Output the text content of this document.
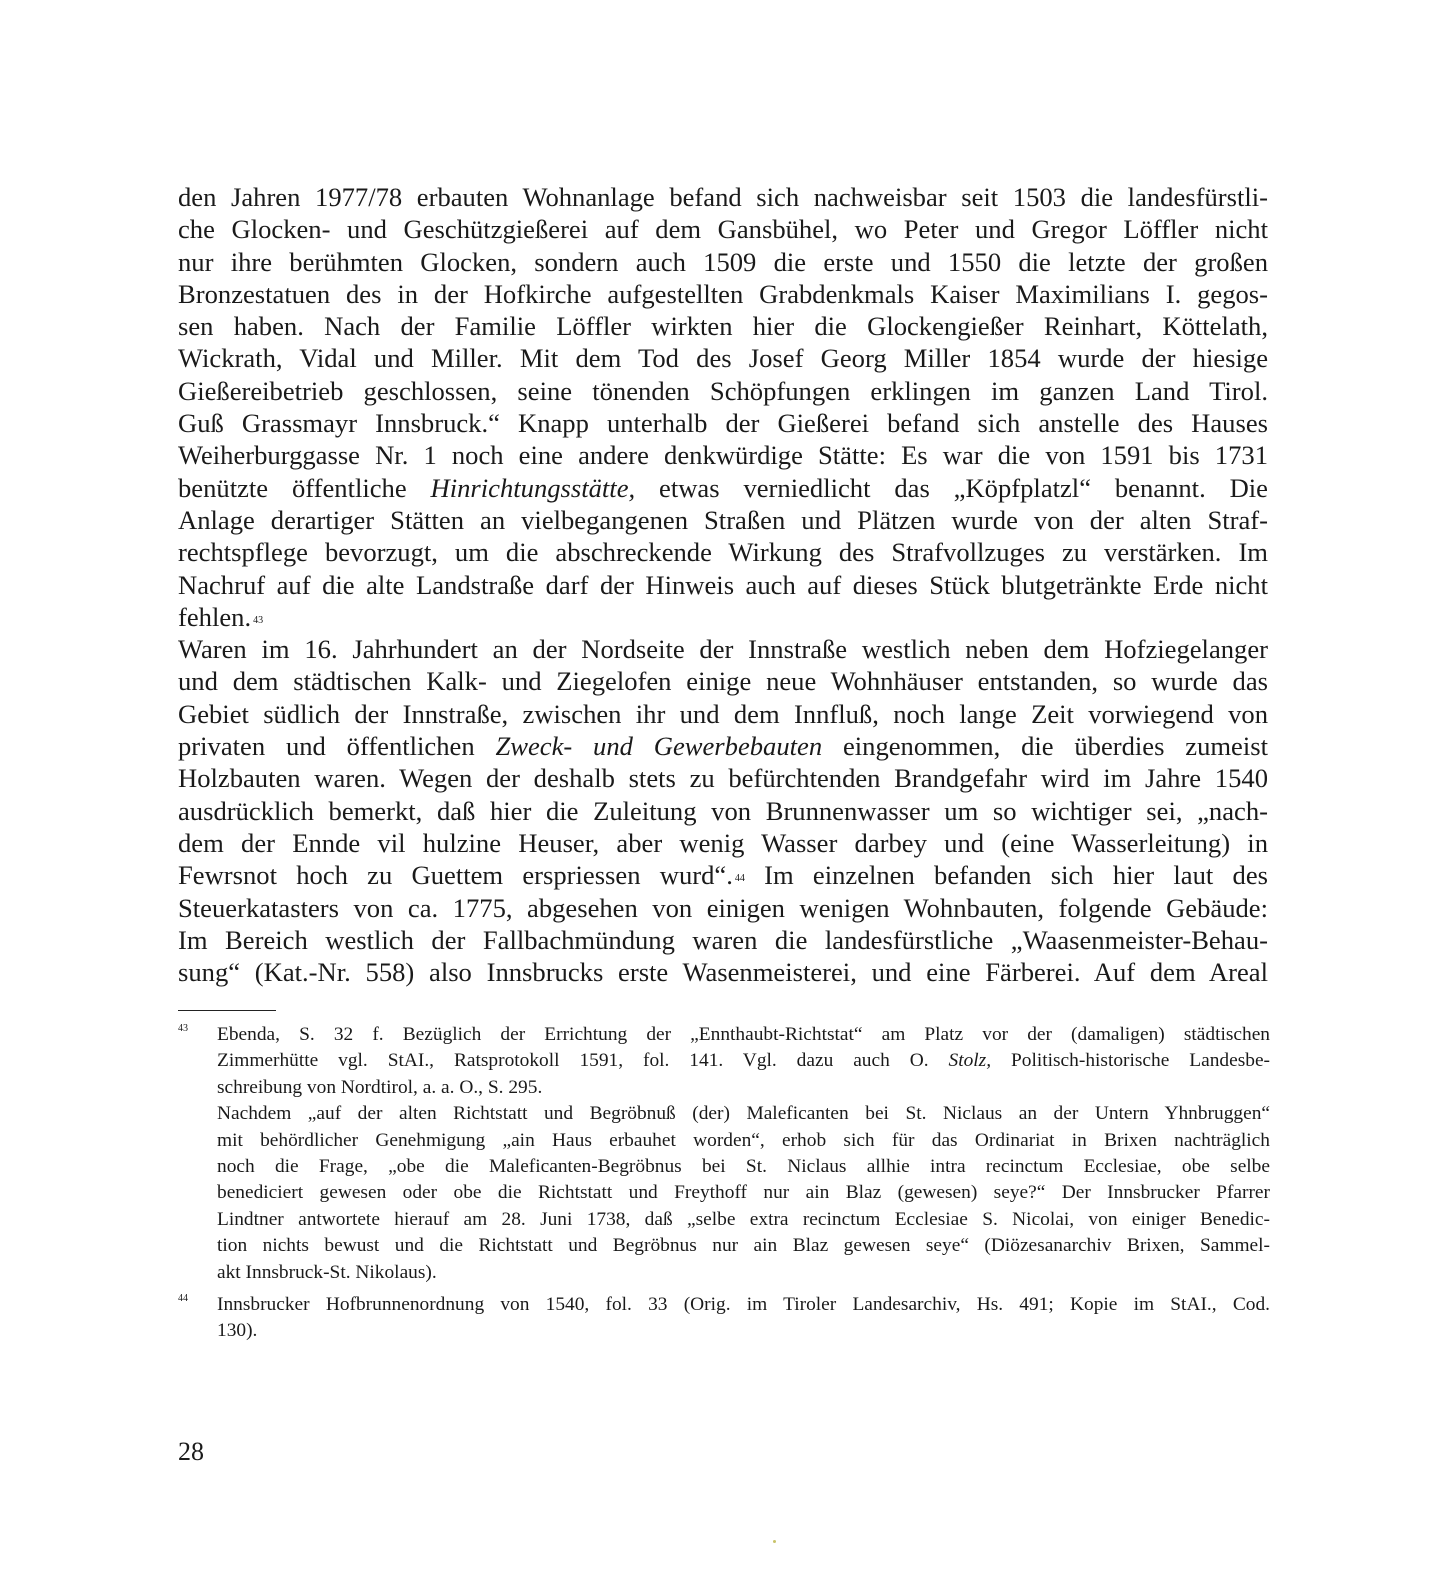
den Jahren 1977/78 erbauten Wohnanlage befand sich nachweisbar seit 1503 die landesfürstli-
che Glocken- und Geschützgießerei auf dem Gansbühel, wo Peter und Gregor Löffler nicht
nur ihre berühmten Glocken, sondern auch 1509 die erste und 1550 die letzte der großen
Bronzestatuen des in der Hofkirche aufgestellten Grabdenkmals Kaiser Maximilians I. gegos-
sen haben. Nach der Familie Löffler wirkten hier die Glockengießer Reinhart, Köttelath,
Wickrath, Vidal und Miller. Mit dem Tod des Josef Georg Miller 1854 wurde der hiesige
Gießereibetrieb geschlossen, seine tönenden Schöpfungen erklingen im ganzen Land Tirol.
Guß Grassmayr Innsbruck.“ Knapp unterhalb der Gießerei befand sich anstelle des Hauses
Weiherburggasse Nr. 1 noch eine andere denkwürdige Stätte: Es war die von 1591 bis 1731
benützte öffentliche Hinrichtungsstätte, etwas verniedlicht das „Köpfplatzl“ benannt. Die
Anlage derartiger Stätten an vielbegangenen Straßen und Plätzen wurde von der alten Straf-
rechtspflege bevorzugt, um die abschreckende Wirkung des Strafvollzuges zu verstärken. Im
Nachruf auf die alte Landstraße darf der Hinweis auch auf dieses Stück blutgetränkte Erde nicht
fehlen. $^{43}$
Waren im 16. Jahrhundert an der Nordseite der Innstraße westlich neben dem Hofziegelanger
und dem städtischen Kalk- und Ziegelofen einige neue Wohnhäuser entstanden, so wurde das
Gebiet südlich der Innstraße, zwischen ihr und dem Innfluß, noch lange Zeit vorwiegend von
privaten und öffentlichen Zweck- und Gewerbebauten eingenommen, die überdies zumeist
Holzbauten waren. Wegen der deshalb stets zu befürchtenden Brandgefahr wird im Jahre 1540
ausdrücklich bemerkt, daß hier die Zuleitung von Brunnenwasser um so wichtiger sei, „nach-
dem der Ennde vil hulzine Heuser, aber wenig Wasser darbey und (eine Wasserleitung) in
Fewrsnot hoch zu Guettem erspriessen wurd“. $^{44}$ Im einzelnen befanden sich hier laut des
Steuerkatasters von ca. 1775, abgesehen von einigen wenigen Wohnbauten, folgende Gebäude:
Im Bereich westlich der Fallbachmündung waren die landesfürstliche „Waasenmeister-Behau-
sung“ (Kat.-Nr. 558) also Innsbrucks erste Wasenmeisterei, und eine Färberei. Auf dem Areal
43 Ebenda, S. 32 f. Bezüglich der Errichtung der „Ennthaubt-Richtstat“ am Platz vor der (damaligen) städtischen
Zimmerhütte vgl. StAI., Ratsprotokoll 1591, fol. 141. Vgl. dazu auch O. Stolz, Politisch-historische Landesbe-
schreibung von Nordtirol, a. a. O., S. 295.
Nachdem „auf der alten Richtstatt und Begröbnuß (der) Maleficanten bei St. Niclaus an der Untern Yhnbruggen“
mit behördlicher Genehmigung „ain Haus erbauhet worden“, erhob sich für das Ordinariat in Brixen nachträglich
noch die Frage, „obe die Maleficanten-Begröbnus bei St. Niclaus allhie intra recinctum Ecclesiae, obe selbe
benediciert gewesen oder obe die Richtstatt und Freythoff nur ain Blaz (gewesen) seye?“ Der Innsbrucker Pfarrer
Lindtner antwortete hierauf am 28. Juni 1738, daß „selbe extra recinctum Ecclesiae S. Nicolai, von einiger Benedic-
tion nichts bewust und die Richtstatt und Begröbnus nur ain Blaz gewesen seye“ (Diözesanarchiv Brixen, Sammel-
akt Innsbruck-St. Nikolaus).
44 Innsbrucker Hofbrunnenordnung von 1540, fol. 33 (Orig. im Tiroler Landesarchiv, Hs. 491; Kopie im StAI., Cod.
130).
28
